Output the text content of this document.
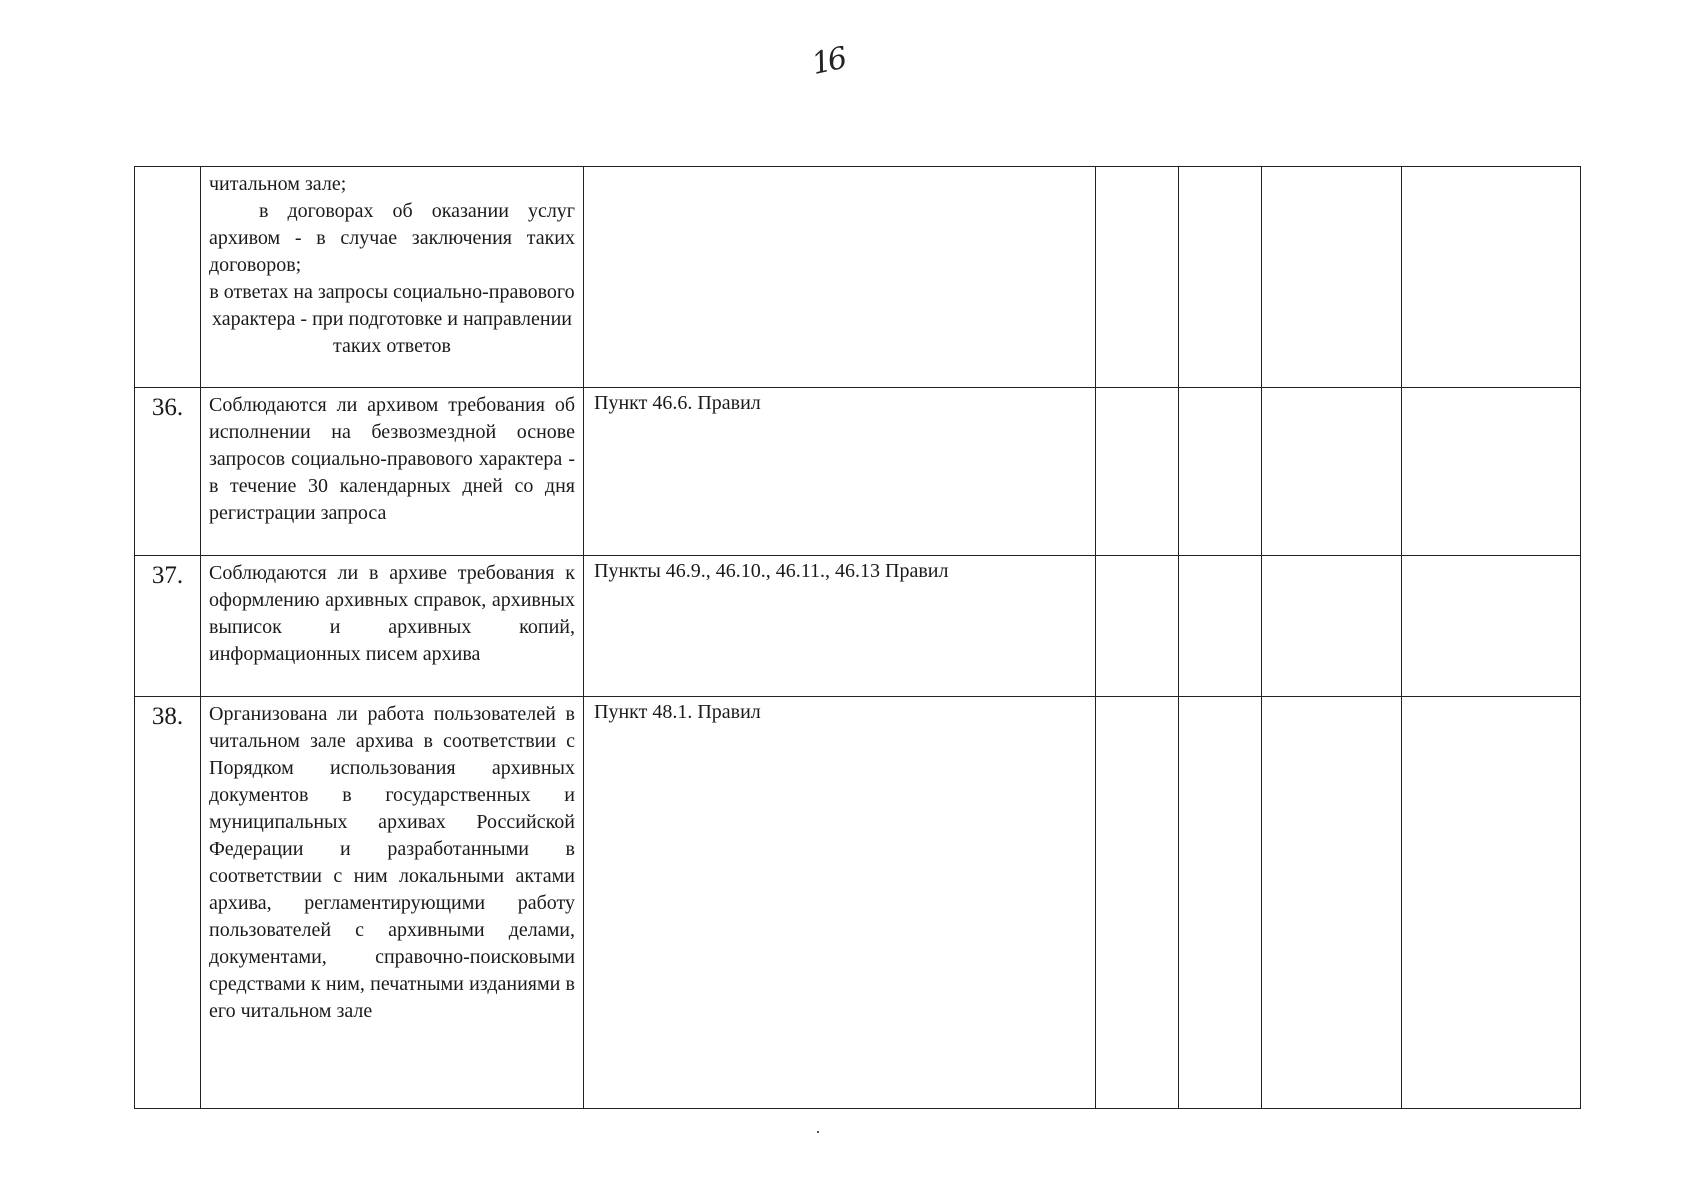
16

	читальном зале;
в договорах об оказании услуг архивом - в случае заключения таких договоров;
в ответах на запросы социально-правового характера - при подготовке и направлении таких ответов					

36.	Соблюдаются ли архивом требования об исполнении на безвозмездной основе запросов социально-правового характера - в течение 30 календарных дней со дня регистрации запроса	Пункт 46.6. Правил				
37.	Соблюдаются ли в архиве требования к оформлению архивных справок, архивных выписок и архивных копий, информационных писем архива	Пункты 46.9., 46.10., 46.11., 46.13 Правил				
38.	Организована ли работа пользователей в читальном зале архива в соответствии с Порядком использования архивных документов в государственных и муниципальных архивах Российской Федерации и разработанными в соответствии с ним локальными актами архива, регламентирующими работу пользователей с архивными делами, документами, справочно-поисковыми средствами к ним, печатными изданиями в его читальном зале	Пункт 48.1. Правил				
